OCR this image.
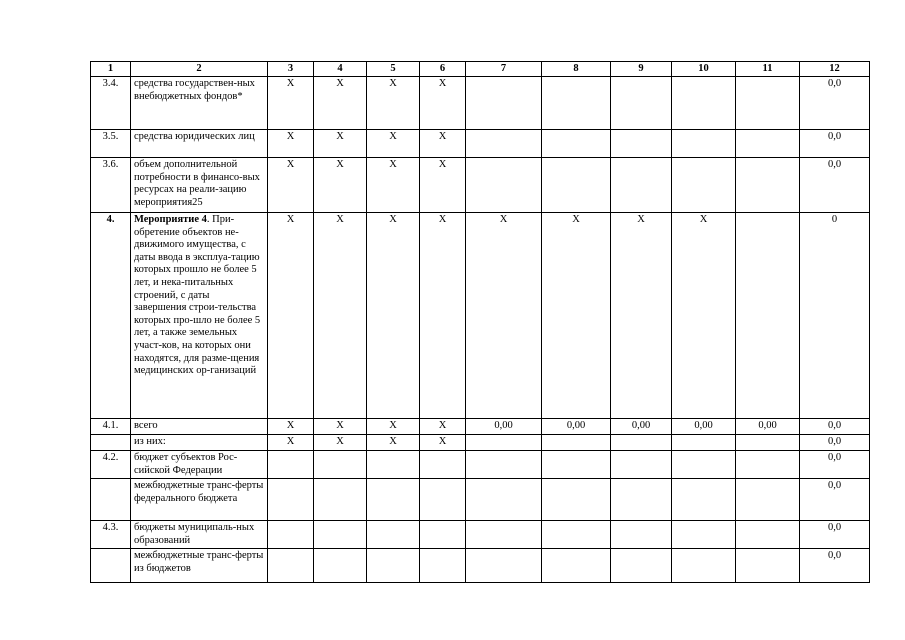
1	2	3	4	5	6	7	8	9	10	11	12
3.4.	средства государствен-ных внебюджетных фондов*	X	X	X	X						0,0
3.5.	средства юридических лиц	X	X	X	X						0,0
3.6.	объем дополнительной потребности в финансо-вых ресурсах на реали-зацию мероприятия25	X	X	X	X						0,0
4.	Мероприятие 4. При-обретение объектов не-движимого имущества, с даты ввода в эксплуа-тацию которых прошло не более 5 лет, и нека-питальных строений, с даты завершения строи-тельства которых про-шло не более 5 лет, а также земельных участ-ков, на которых они находятся, для разме-щения медицинских ор-ганизаций	X	X	X	X	X	X	X	X		0
4.1.	всего	X	X	X	X	0,00	0,00	0,00	0,00	0,00	0,0
	из них:	X	X	X	X						0,0
4.2.	бюджет субъектов Рос-сийской Федерации										0,0
	межбюджетные транс-ферты федерального бюджета										0,0
4.3.	бюджеты муниципаль-ных образований										0,0
	межбюджетные транс-ферты из бюджетов										0,0
